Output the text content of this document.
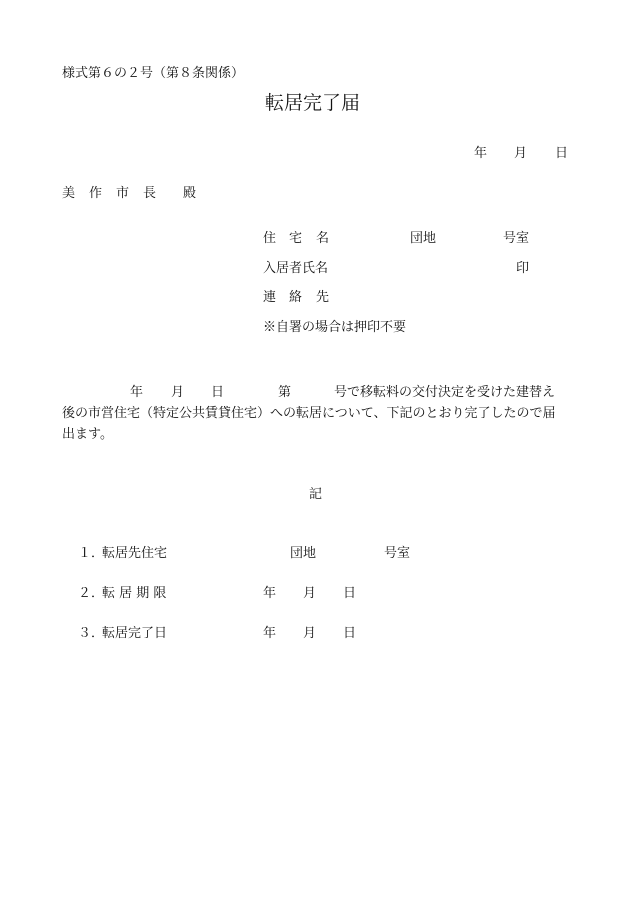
様式第６の２号（第８条関係）
転居完了届
年 月 日
美 作 市 長 殿
住 宅 名	団地	号室
入居者氏名	印
連 絡 先
※自署の場合は押印不要
年 月 日	第	号で移転料の交付決定を受けた建替え
後の市営住宅（特定公共賃貸住宅）への転居について、下記のとおり完了したので届
出ます。
記
１．
転居先住宅	団地	号室
２．
転 居 期 限	年 月 日
３．
転居完了日	年 月 日
